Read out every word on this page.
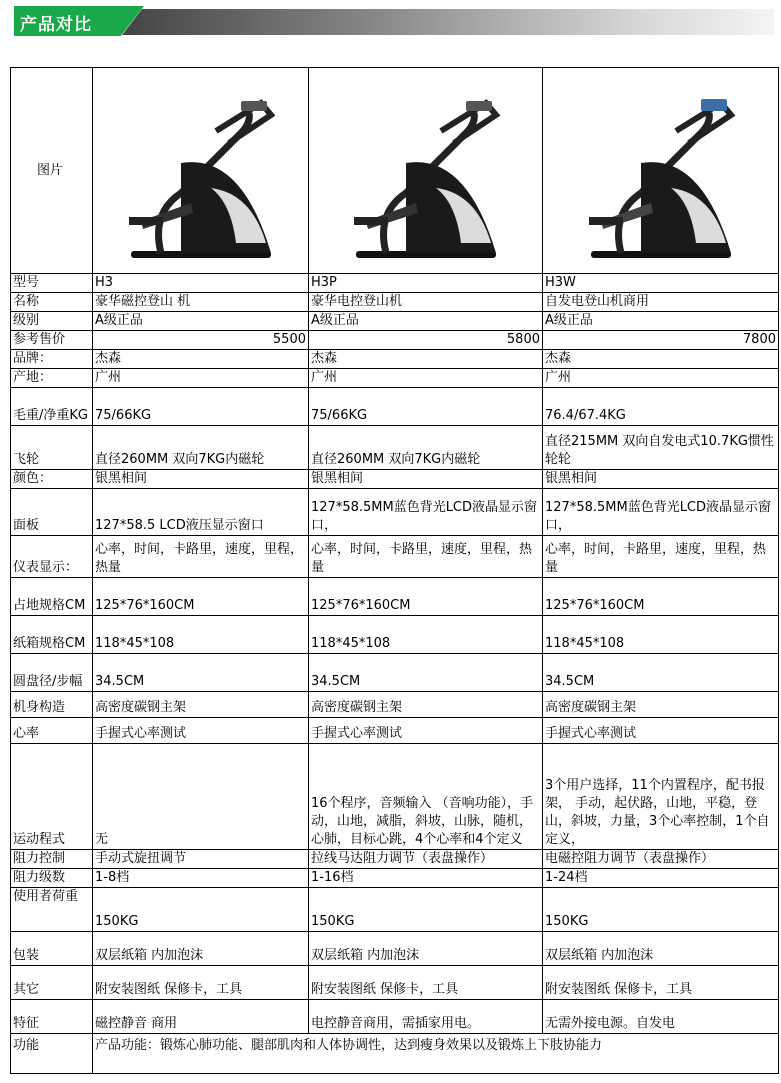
产品对比
图片	

型号	H3	H3P	H3W
名称	豪华磁控登山 机	豪华电控登山机	自发电登山机商用
级别	A级正品	A级正品	A级正品
参考售价	5500	5800	7800
品牌：	杰森	杰森	杰森
产地：	广州	广州	广州
毛重/净重KG	75/66KG	75/66KG	76.4/67.4KG
飞轮	直径260MM 双向7KG内磁轮	直径260MM 双向7KG内磁轮	直径215MM 双向自发电式10.7KG惯性轮轮
颜色：	银黑相间	银黑相间	银黑相间
面板	127*58.5 LCD液压显示窗口	127*58.5MM蓝色背光LCD液晶显示窗口，	127*58.5MM蓝色背光LCD液晶显示窗口，
仪表显示：	心率，时间，卡路里，速度，里程，热量	心率，时间，卡路里，速度，里程，热量	心率，时间，卡路里，速度，里程，热量
占地规格CM	125*76*160CM	125*76*160CM	125*76*160CM
纸箱规格CM	118*45*108	118*45*108	118*45*108
圆盘径/步幅	34.5CM	34.5CM	34.5CM
机身构造	高密度碳钢主架	高密度碳钢主架	高密度碳钢主架
心率	手握式心率测试	手握式心率测试	手握式心率测试
运动程式	无	16个程序，音频输入 （音响功能），手动，山地，减脂，斜坡，山脉，随机，心肺，目标心跳，4个心率和4个定义	3个用户选择，11个内置程序，配书报架， 手动，起伏路，山地，平稳，登山，斜坡，力量，3个心率控制，1个自定义，
阻力控制	手动式旋扭调节	拉线马达阻力调节（表盘操作）	电磁控阻力调节（表盘操作）
阻力级数	1-8档	1-16档	1-24档
使用者荷重	150KG	150KG	150KG
包装	双层纸箱 内加泡沫	双层纸箱 内加泡沫	双层纸箱 内加泡沫
其它	附安装图纸 保修卡，工具	附安装图纸 保修卡，工具	附安装图纸 保修卡，工具
特征	磁控静音 商用	电控静音商用，需插家用电。	无需外接电源。自发电
功能	产品功能：锻炼心肺功能、腿部肌肉和人体协调性，达到瘦身效果以及锻炼上下肢协能力		
